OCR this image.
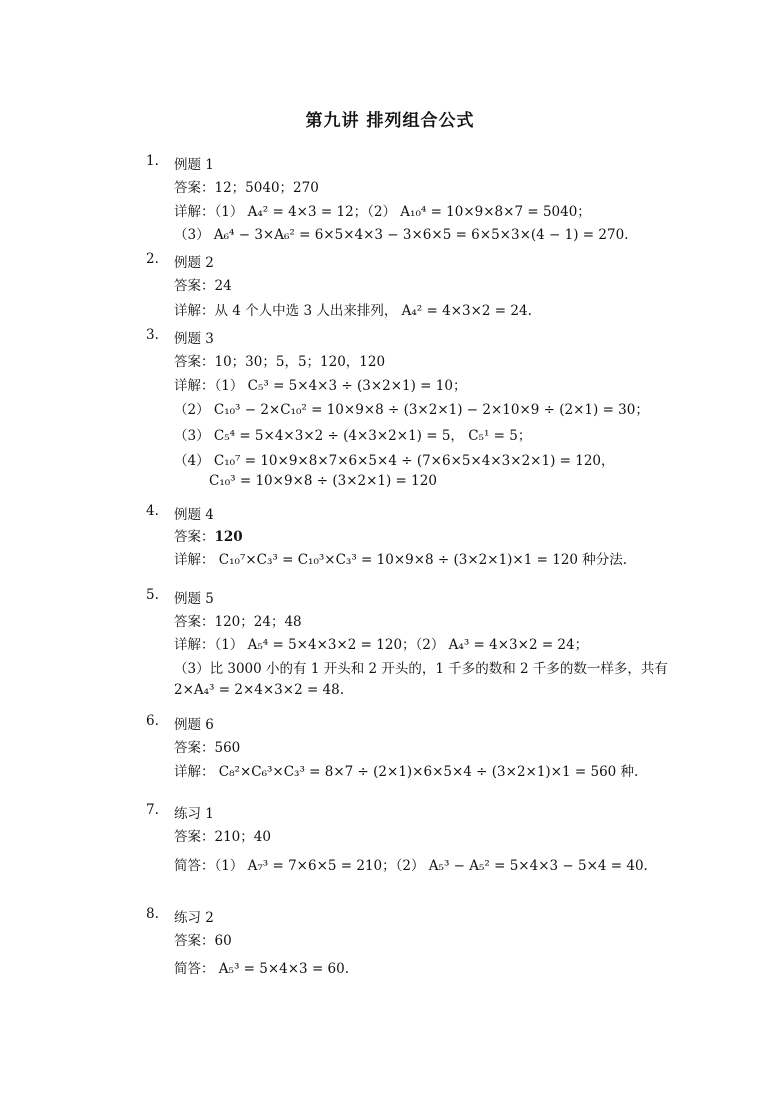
第九讲 排列组合公式
1. 例题 1
答案：12；5040；270
详解：（1） A₄² = 4×3 = 12；（2） A₁₀⁴ = 10×9×8×7 = 5040；
（3） A₆⁴ − 3×A₆² = 6×5×4×3 − 3×6×5 = 6×5×3×(4 − 1) = 270.
2. 例题 2
答案：24
详解：从 4 个人中选 3 人出来排列， A₄² = 4×3×2 = 24.
3. 例题 3
答案：10；30；5，5；120，120
详解：（1） C₅³ = 5×4×3 ÷ (3×2×1) = 10；
（2） C₁₀³ − 2×C₁₀² = 10×9×8 ÷ (3×2×1) − 2×10×9 ÷ (2×1) = 30；
（3） C₅⁴ = 5×4×3×2 ÷ (4×3×2×1) = 5， C₅¹ = 5；
（4） C₁₀⁷ = 10×9×8×7×6×5×4 ÷ (7×6×5×4×3×2×1) = 120，
C₁₀³ = 10×9×8 ÷ (3×2×1) = 120
4. 例题 4
答案：120
详解： C₁₀⁷×C₃³ = C₁₀³×C₃³ = 10×9×8 ÷ (3×2×1)×1 = 120 种分法.
5. 例题 5
答案：120；24；48
详解：（1） A₅⁴ = 5×4×3×2 = 120；（2） A₄³ = 4×3×2 = 24；
（3）比 3000 小的有 1 开头和 2 开头的，1 千多的数和 2 千多的数一样多，共有
2×A₄³ = 2×4×3×2 = 48.
6. 例题 6
答案：560
详解： C₈²×C₆³×C₃³ = 8×7 ÷ (2×1)×6×5×4 ÷ (3×2×1)×1 = 560 种.
7. 练习 1
答案：210；40
简答：（1） A₇³ = 7×6×5 = 210；（2） A₅³ − A₅² = 5×4×3 − 5×4 = 40.
8. 练习 2
答案：60
简答： A₅³ = 5×4×3 = 60.
